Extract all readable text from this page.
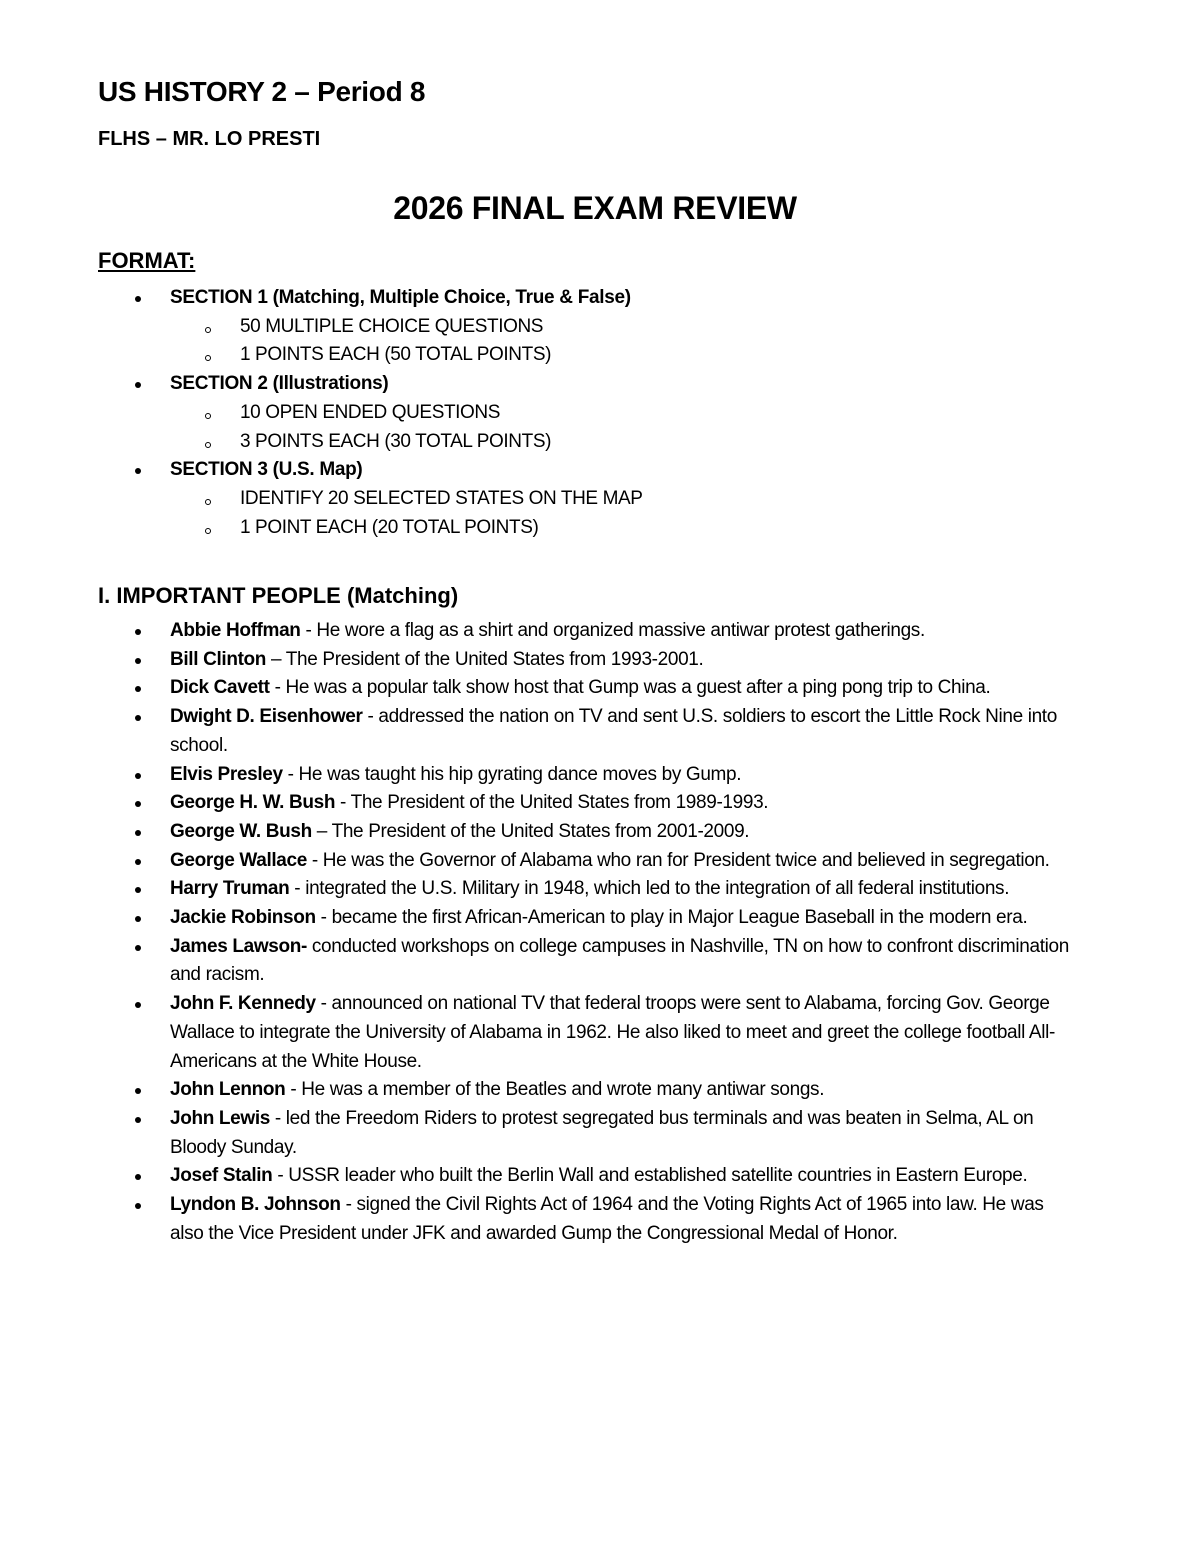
US HISTORY 2 – Period 8
FLHS – MR. LO PRESTI
2026 FINAL EXAM REVIEW
FORMAT:
SECTION 1 (Matching, Multiple Choice, True & False)
50 MULTIPLE CHOICE QUESTIONS
1 POINTS EACH (50 TOTAL POINTS)
SECTION 2 (Illustrations)
10 OPEN ENDED QUESTIONS
3 POINTS EACH (30 TOTAL POINTS)
SECTION 3 (U.S. Map)
IDENTIFY 20 SELECTED STATES ON THE MAP
1 POINT EACH (20 TOTAL POINTS)
I. IMPORTANT PEOPLE (Matching)
Abbie Hoffman - He wore a flag as a shirt and organized massive antiwar protest gatherings.
Bill Clinton – The President of the United States from 1993-2001.
Dick Cavett - He was a popular talk show host that Gump was a guest after a ping pong trip to China.
Dwight D. Eisenhower - addressed the nation on TV and sent U.S. soldiers to escort the Little Rock Nine into school.
Elvis Presley - He was taught his hip gyrating dance moves by Gump.
George H. W. Bush - The President of the United States from 1989-1993.
George W. Bush – The President of the United States from 2001-2009.
George Wallace - He was the Governor of Alabama who ran for President twice and believed in segregation.
Harry Truman - integrated the U.S. Military in 1948, which led to the integration of all federal institutions.
Jackie Robinson - became the first African-American to play in Major League Baseball in the modern era.
James Lawson- conducted workshops on college campuses in Nashville, TN on how to confront discrimination and racism.
John F. Kennedy - announced on national TV that federal troops were sent to Alabama, forcing Gov. George Wallace to integrate the University of Alabama in 1962. He also liked to meet and greet the college football All-Americans at the White House.
John Lennon - He was a member of the Beatles and wrote many antiwar songs.
John Lewis - led the Freedom Riders to protest segregated bus terminals and was beaten in Selma, AL on Bloody Sunday.
Josef Stalin - USSR leader who built the Berlin Wall and established satellite countries in Eastern Europe.
Lyndon B. Johnson - signed the Civil Rights Act of 1964 and the Voting Rights Act of 1965 into law. He was also the Vice President under JFK and awarded Gump the Congressional Medal of Honor.
